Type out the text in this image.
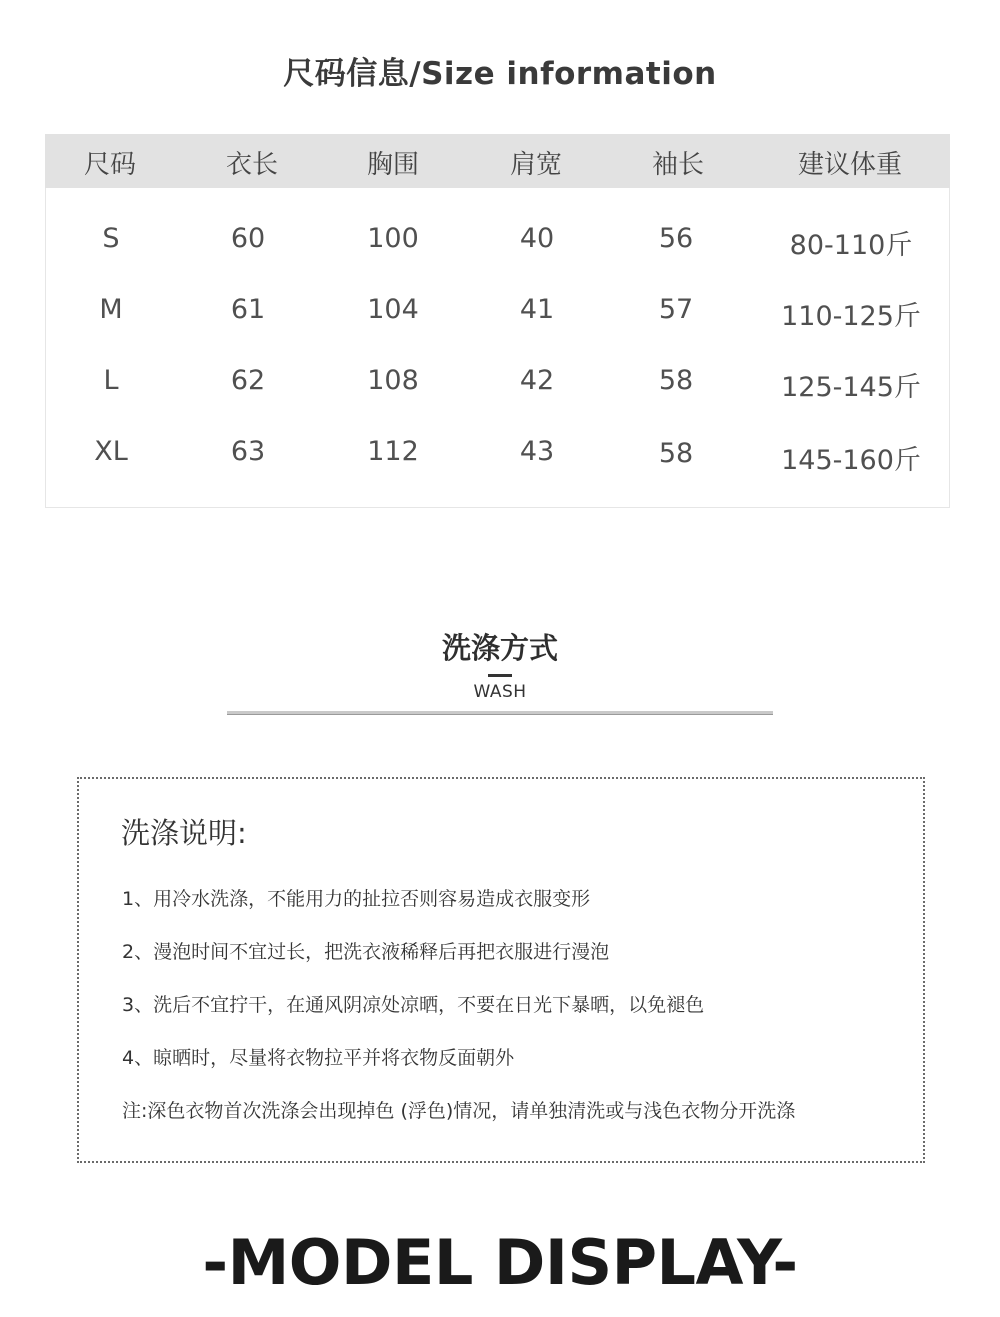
尺码信息/Size information
尺码	衣长	胸围	肩宽	袖长	建议体重
S	60	100	40	56	80-110斤
M	61	104	41	57	110-125斤
L	62	108	42	58	125-145斤
XL	63	112	43	58	145-160斤
洗涤方式
WASH
洗涤说明:
1、用冷水洗涤，不能用力的扯拉否则容易造成衣服变形
2、漫泡时间不宜过长，把洗衣液稀释后再把衣服进行漫泡
3、洗后不宜拧干，在通风阴凉处凉晒，不要在日光下暴晒，以免褪色
4、晾晒时，尽量将衣物拉平并将衣物反面朝外
注:深色衣物首次洗涤会出现掉色 (浮色)情况，请单独清洗或与浅色衣物分开洗涤
-MODEL DISPLAY-
